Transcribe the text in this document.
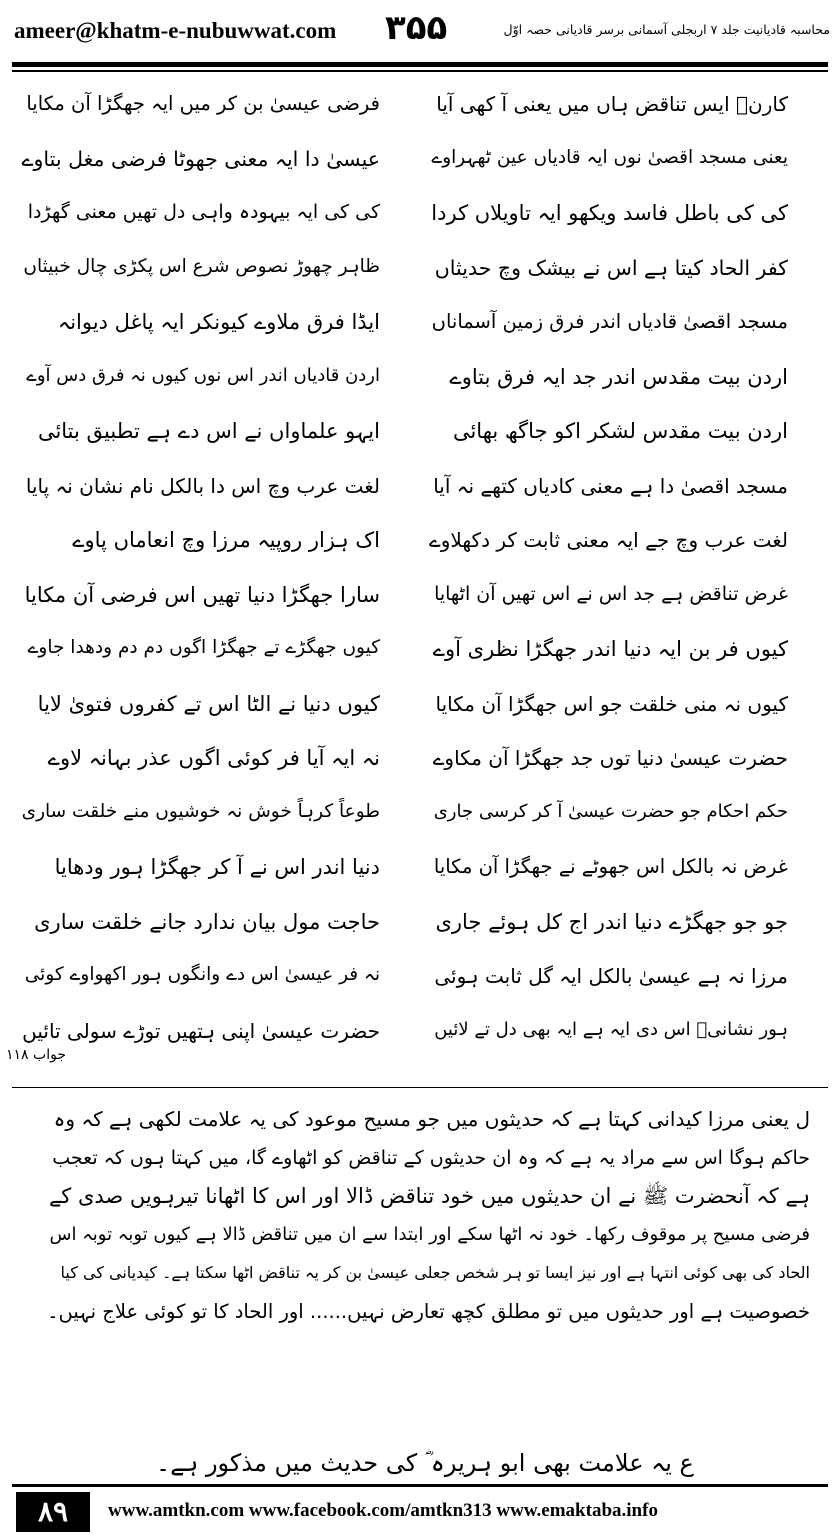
ameer@khatm-e-nubuwwat.com ۳۵۵	محاسبہ قادیانیت جلد ۷ اربجلی آسمانی برسر قادیانی حصہ اوّل
کارنؔ ایس تناقض ہاں میں یعنی آ کھی آیا
فرضی عیسیٰ بن کر میں ایہ جھگڑا آن مکایا
یعنی مسجد اقصیٰ نوں ایہ قادیاں عین ٹھہراوے
عیسیٰ دا ایہ معنی جھوٹا فرضی مغل بتاوے
کی کی باطل فاسد ویکھو ایہ تاویلاں کردا
کی کی ایہ بیہودہ واہی دل تھیں معنی گھڑدا
کفر الحاد کیتا ہے اس نے بیشک وچ حدیثاں
ظاہر چھوڑ نصوص شرع اس پکڑی چال خبیثاں
مسجد اقصیٰ قادیاں اندر فرق زمین آسماناں
ایڈا فرق ملاوے کیونکر ایہ پاغل دیوانہ
اردن بیت مقدس اندر جد ایہ فرق بتاوے
اردن قادیاں اندر اس نوں کیوں نہ فرق دس آوے
اردن بیت مقدس لشکر اکو جاگھ بھائی
ایہو علماواں نے اس دے ہے تطبیق بتائی
مسجد اقصیٰ دا ہے معنی کادیاں کتھے نہ آیا
لغت عرب وچ اس دا بالکل نام نشان نہ پایا
لغت عرب وچ جے ایہ معنی ثابت کر دکھلاوے
اک ہزار روپیہ مرزا وچ انعاماں پاوے
غرض تناقض ہے جد اس نے اس تھیں آن اٹھایا
سارا جھگڑا دنیا تھیں اس فرضی آن مکایا
کیوں فر بن ایہ دنیا اندر جھگڑا نظری آوے
کیوں جھگڑے تے جھگڑا اگوں دم دم ودھدا جاوے
کیوں نہ منی خلقت جو اس جھگڑا آن مکایا
کیوں دنیا نے الٹا اس تے کفروں فتویٰ لایا
حضرت عیسیٰ دنیا توں جد جھگڑا آن مکاوے
نہ ایہ آیا فر کوئی اگوں عذر بہانہ لاوے
حکم احکام جو حضرت عیسیٰ آ کر کرسی جاری
طوعاً کرہاً خوش نہ خوشیوں منے خلقت ساری
غرض نہ بالکل اس جھوٹے نے جھگڑا آن مکایا
دنیا اندر اس نے آ کر جھگڑا ہور ودھایا
جو جو جھگڑے دنیا اندر اج کل ہوئے جاری
حاجت مول بیان ندارد جانے خلقت ساری
مرزا نہ ہے عیسیٰ بالکل ایہ گل ثابت ہوئی
نہ فر عیسیٰ اس دے وانگوں ہور اکھواوے کوئی
ہور نشانیؔ اس دی ایہ ہے ایہ بھی دل تے لائیں
حضرت عیسیٰ اپنی ہتھیں توڑے سولی تائیں
جواب ۱۱۸
ل یعنی مرزا کیدانی کہتا ہے کہ حدیثوں میں جو مسیح موعود کی یہ علامت لکھی ہے کہ وہ
حاکم ہوگا اس سے مراد یہ ہے کہ وہ ان حدیثوں کے تناقض کو اٹھاوے گا، میں کہتا ہوں کہ تعجب
ہے کہ آنحضرت ﷺ نے ان حدیثوں میں خود تناقض ڈالا اور اس کا اٹھانا تیرہویں صدی کے
فرضی مسیح پر موقوف رکھا۔ خود نہ اٹھا سکے اور ابتدا سے ان میں تناقض ڈالا ہے کیوں توبہ توبہ اس
الحاد کی بھی کوئی انتہا ہے اور نیز ایسا تو ہر شخص جعلی عیسیٰ بن کر یہ تناقض اٹھا سکتا ہے۔ کیدیانی کی کیا
خصوصیت ہے اور حدیثوں میں تو مطلق کچھ تعارض نہیں...... اور الحاد کا تو کوئی علاج نہیں۔
ع یہ علامت بھی ابو ہریرہ ؓ کی حدیث میں مذکور ہے۔
۸۹	www.amtkn.com www.facebook.com/amtkn313 www.emaktaba.info
